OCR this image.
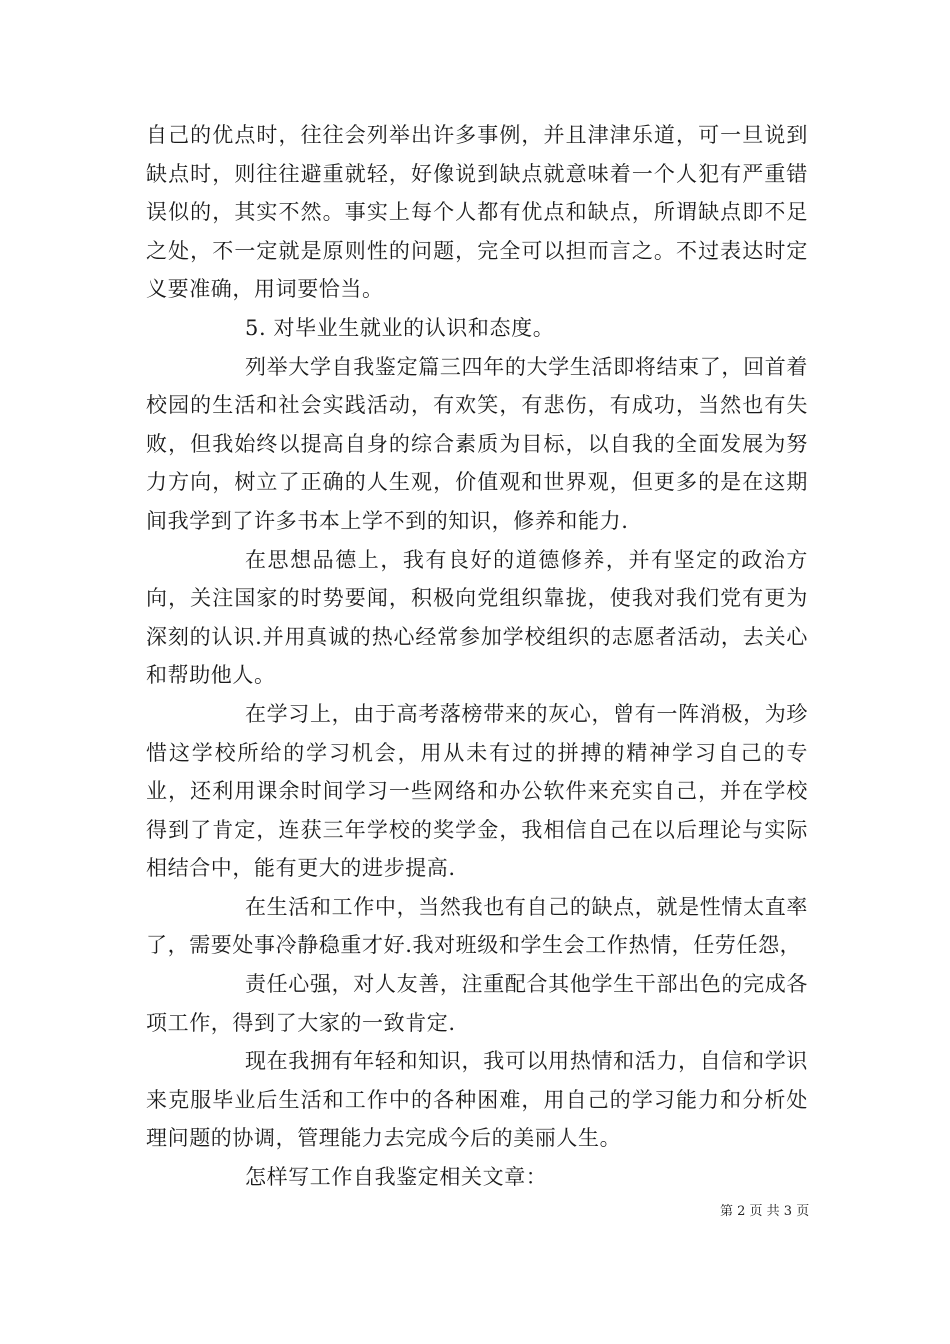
自己的优点时，往往会列举出许多事例，并且津津乐道，可一旦说到缺点时，则往往避重就轻，好像说到缺点就意味着一个人犯有严重错误似的，其实不然。事实上每个人都有优点和缺点，所谓缺点即不足之处，不一定就是原则性的问题，完全可以担而言之。不过表达时定义要准确，用词要恰当。

5. 对毕业生就业的认识和态度。

列举大学自我鉴定篇三四年的大学生活即将结束了，回首着校园的生活和社会实践活动，有欢笑，有悲伤，有成功，当然也有失败，但我始终以提高自身的综合素质为目标，以自我的全面发展为努力方向，树立了正确的人生观，价值观和世界观，但更多的是在这期间我学到了许多书本上学不到的知识，修养和能力.

在思想品德上，我有良好的道德修养，并有坚定的政治方向，关注国家的时势要闻，积极向党组织靠拢，使我对我们党有更为深刻的认识.并用真诚的热心经常参加学校组织的志愿者活动，去关心和帮助他人。

在学习上，由于高考落榜带来的灰心，曾有一阵消极，为珍惜这学校所给的学习机会，用从未有过的拼搏的精神学习自己的专业，还利用课余时间学习一些网络和办公软件来充实自己，并在学校得到了肯定，连获三年学校的奖学金，我相信自己在以后理论与实际相结合中，能有更大的进步提高.

在生活和工作中，当然我也有自己的缺点，就是性情太直率了，需要处事冷静稳重才好.我对班级和学生会工作热情，任劳任怨，

责任心强，对人友善，注重配合其他学生干部出色的完成各项工作，得到了大家的一致肯定.

现在我拥有年轻和知识，我可以用热情和活力，自信和学识来克服毕业后生活和工作中的各种困难，用自己的学习能力和分析处理问题的协调，管理能力去完成今后的美丽人生。

怎样写工作自我鉴定相关文章：

第 2 页 共 3 页
